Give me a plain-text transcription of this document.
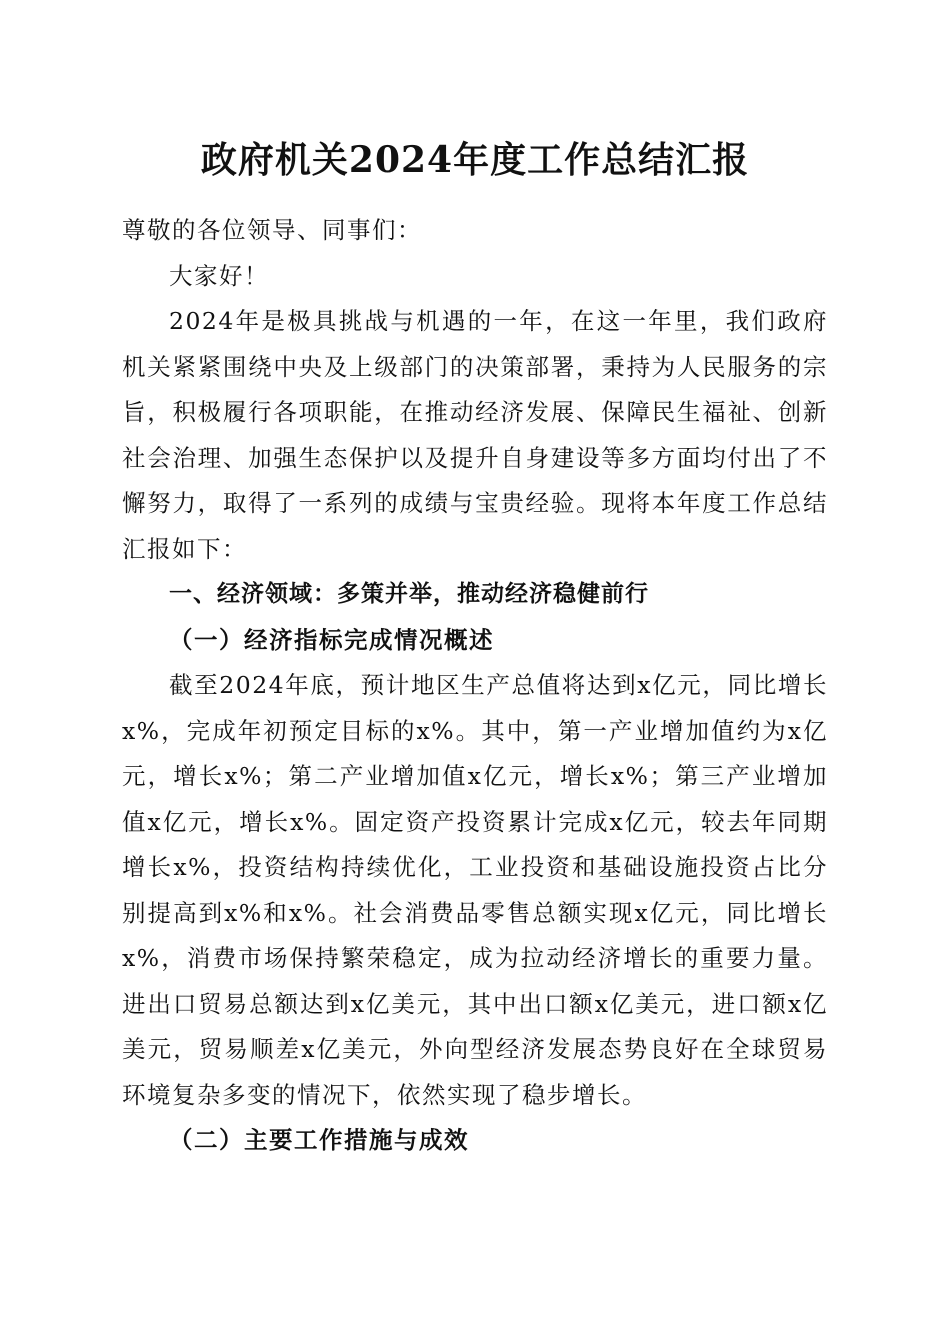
政府机关2024年度工作总结汇报

尊敬的各位领导、同事们：

大家好！

2024年是极具挑战与机遇的一年，在这一年里，我们政府机关紧紧围绕中央及上级部门的决策部署，秉持为人民服务的宗旨，积极履行各项职能，在推动经济发展、保障民生福祉、创新社会治理、加强生态保护以及提升自身建设等多方面均付出了不懈努力，取得了一系列的成绩与宝贵经验。现将本年度工作总结汇报如下：

一、经济领域：多策并举，推动经济稳健前行

（一）经济指标完成情况概述

截至2024年底，预计地区生产总值将达到x亿元，同比增长x%，完成年初预定目标的x%。其中，第一产业增加值约为x亿元，增长x%；第二产业增加值x亿元，增长x%；第三产业增加值x亿元，增长x%。固定资产投资累计完成x亿元，较去年同期增长x%，投资结构持续优化，工业投资和基础设施投资占比分别提高到x%和x%。社会消费品零售总额实现x亿元，同比增长x%，消费市场保持繁荣稳定，成为拉动经济增长的重要力量。进出口贸易总额达到x亿美元，其中出口额x亿美元，进口额x亿美元，贸易顺差x亿美元，外向型经济发展态势良好在全球贸易环境复杂多变的情况下，依然实现了稳步增长。

（二）主要工作措施与成效
